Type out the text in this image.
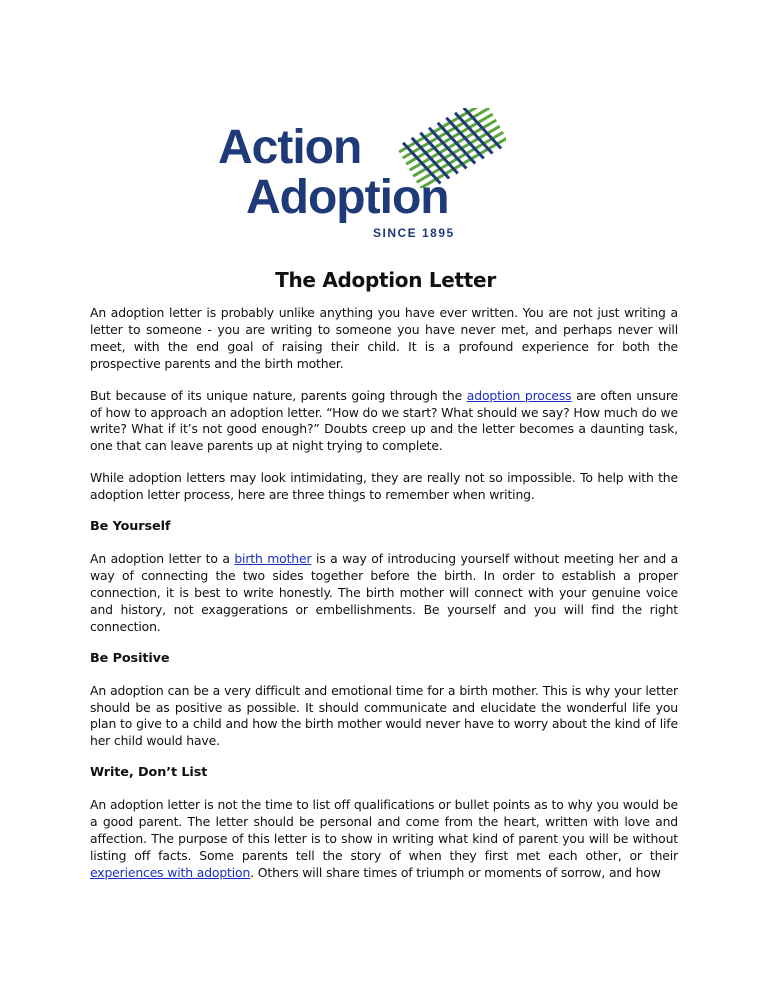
Action
Adoption
SINCE 1895
The Adoption Letter

An adoption letter is probably unlike anything you have ever written. You are not just writing a letter to someone - you are writing to someone you have never met, and perhaps never will meet, with the end goal of raising their child. It is a profound experience for both the prospective parents and the birth mother.

But because of its unique nature, parents going through the adoption process are often unsure of how to approach an adoption letter. “How do we start? What should we say? How much do we write? What if it’s not good enough?” Doubts creep up and the letter becomes a daunting task, one that can leave parents up at night trying to complete.

While adoption letters may look intimidating, they are really not so impossible. To help with the adoption letter process, here are three things to remember when writing.

Be Yourself

An adoption letter to a birth mother is a way of introducing yourself without meeting her and a way of connecting the two sides together before the birth. In order to establish a proper connection, it is best to write honestly. The birth mother will connect with your genuine voice and history, not exaggerations or embellishments. Be yourself and you will find the right connection.

Be Positive

An adoption can be a very difficult and emotional time for a birth mother. This is why your letter should be as positive as possible. It should communicate and elucidate the wonderful life you plan to give to a child and how the birth mother would never have to worry about the kind of life her child would have.

Write, Don’t List

An adoption letter is not the time to list off qualifications or bullet points as to why you would be a good parent. The letter should be personal and come from the heart, written with love and affection. The purpose of this letter is to show in writing what kind of parent you will be without listing off facts. Some parents tell the story of when they first met each other, or their experiences with adoption. Others will share times of triumph or moments of sorrow, and how
